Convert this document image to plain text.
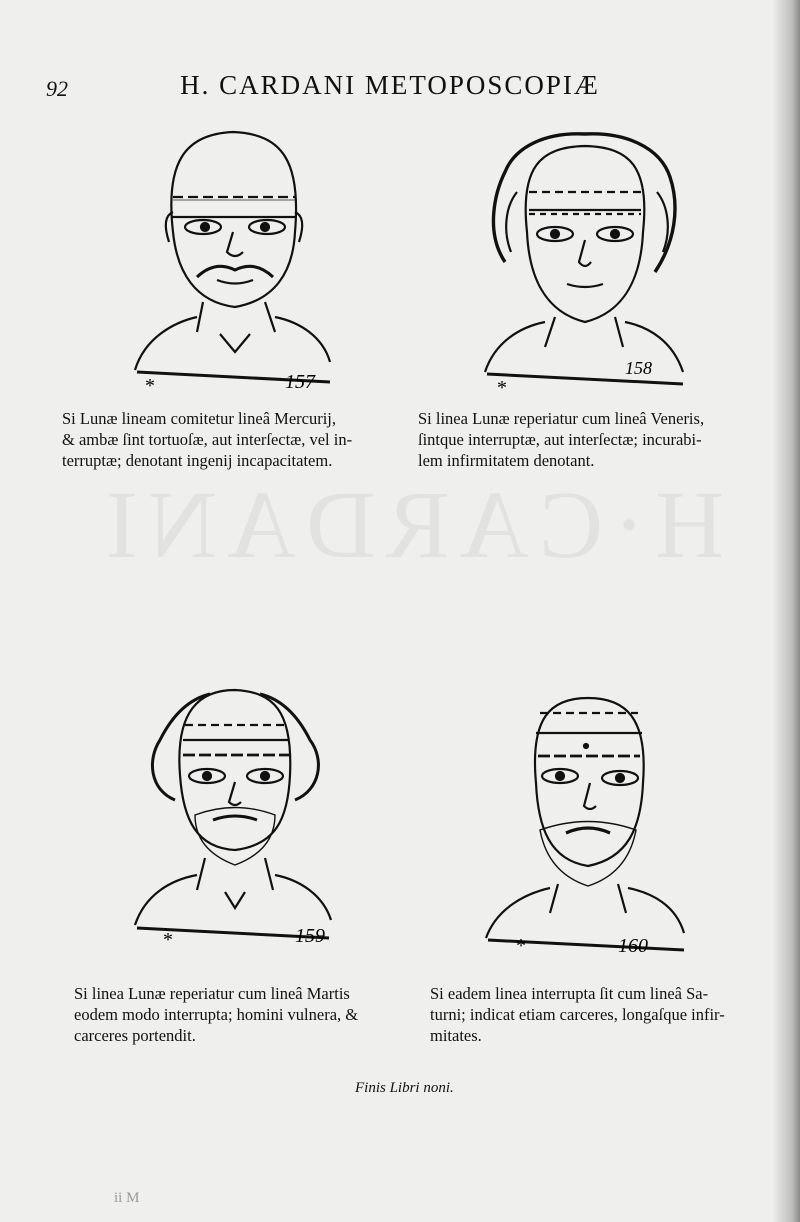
H·CARDANI
92	H. CARDANI METOPOSCOPIÆ
*	157	*
158
Si Lunæ lineam comitetur lineâ Mercurij,
& ambæ ſint tortuoſæ, aut interſectæ, vel in-
terruptæ; denotant ingenij incapacitatem.
Si linea Lunæ reperiatur cum lineâ Veneris,
ſintque interruptæ, aut interſectæ; incurabi-
lem infirmitatem denotant.
*	159	*	160
Si linea Lunæ reperiatur cum lineâ Martis
eodem modo interrupta; homini vulnera, &
carceres portendit.
Si eadem linea interrupta ſit cum lineâ Sa-
turni; indicat etiam carceres, longaſque infir-
mitates.
Finis Libri noni.
ii M
